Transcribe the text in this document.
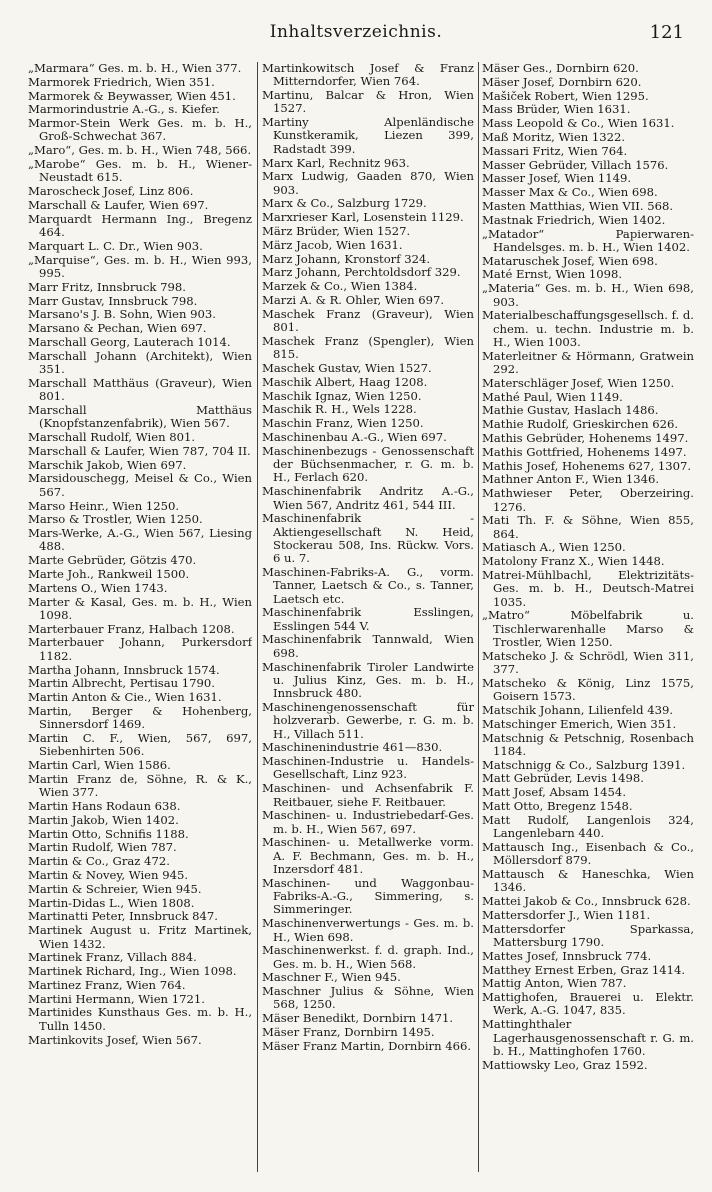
Inhaltsverzeichnis.	121
„Marmara“ Ges. m. b. H., Wien 377.
Marmorek Friedrich, Wien 351.
Marmorek & Beywasser, Wien 451.
Marmorindustrie A.-G., s. Kiefer.
Marmor-Stein Werk Ges. m. b. H., Groß-Schwechat 367.
„Maro“, Ges. m. b. H., Wien 748, 566.
„Marobe“ Ges. m. b. H., Wiener-Neustadt 615.
Maroscheck Josef, Linz 806.
Marschall & Laufer, Wien 697.
Marquardt Hermann Ing., Bregenz 464.
Marquart L. C. Dr., Wien 903.
„Marquise“, Ges. m. b. H., Wien 993, 995.
Marr Fritz, Innsbruck 798.
Marr Gustav, Innsbruck 798.
Marsano's J. B. Sohn, Wien 903.
Marsano & Pechan, Wien 697.
Marschall Georg, Lauterach 1014.
Marschall Johann (Architekt), Wien 351.
Marschall Matthäus (Graveur), Wien 801.
Marschall Matthäus (Knopfstanzenfabrik), Wien 567.
Marschall Rudolf, Wien 801.
Marschall & Laufer, Wien 787, 704 II.
Marschik Jakob, Wien 697.
Marsidouschegg, Meisel & Co., Wien 567.
Marso Heinr., Wien 1250.
Marso & Trostler, Wien 1250.
Mars-Werke, A.-G., Wien 567, Liesing 488.
Marte Gebrüder, Götzis 470.
Marte Joh., Rankweil 1500.
Martens O., Wien 1743.
Marter & Kasal, Ges. m. b. H., Wien 1098.
Marterbauer Franz, Halbach 1208.
Marterbauer Johann, Purkersdorf 1182.
Martha Johann, Innsbruck 1574.
Martin Albrecht, Pertisau 1790.
Martin Anton & Cie., Wien 1631.
Martin, Berger & Hohenberg, Sinnersdorf 1469.
Martin C. F., Wien, 567, 697, Siebenhirten 506.
Martin Carl, Wien 1586.
Martin Franz de, Söhne, R. & K., Wien 377.
Martin Hans Rodaun 638.
Martin Jakob, Wien 1402.
Martin Otto, Schnifis 1188.
Martin Rudolf, Wien 787.
Martin & Co., Graz 472.
Martin & Novey, Wien 945.
Martin & Schreier, Wien 945.
Martin-Didas L., Wien 1808.
Martinatti Peter, Innsbruck 847.
Martinek August u. Fritz Martinek, Wien 1432.
Martinek Franz, Villach 884.
Martinek Richard, Ing., Wien 1098.
Martinez Franz, Wien 764.
Martini Hermann, Wien 1721.
Martinides Kunsthaus Ges. m. b. H., Tulln 1450.
Martinkovits Josef, Wien 567.
Martinkowitsch Josef & Franz Mitterndorfer, Wien 764.
Martinu, Balcar & Hron, Wien 1527.
Martiny Alpenländische Kunstkeramik, Liezen 399, Radstadt 399.
Marx Karl, Rechnitz 963.
Marx Ludwig, Gaaden 870, Wien 903.
Marx & Co., Salzburg 1729.
Marxrieser Karl, Losenstein 1129.
März Brüder, Wien 1527.
März Jacob, Wien 1631.
Marz Johann, Kronstorf 324.
Marz Johann, Perchtoldsdorf 329.
Marzek & Co., Wien 1384.
Marzi A. & R. Ohler, Wien 697.
Maschek Franz (Graveur), Wien 801.
Maschek Franz (Spengler), Wien 815.
Maschek Gustav, Wien 1527.
Maschik Albert, Haag 1208.
Maschik Ignaz, Wien 1250.
Maschik R. H., Wels 1228.
Maschin Franz, Wien 1250.
Maschinenbau A.-G., Wien 697.
Maschinenbezugs - Genossenschaft der Büchsenmacher, r. G. m. b. H., Ferlach 620.
Maschinenfabrik Andritz A.-G., Wien 567, Andritz 461, 544 III.
Maschinenfabrik - Aktiengesellschaft N. Heid, Stockerau 508, Ins. Rückw. Vors. 6 u. 7.
Maschinen-Fabriks-A. G., vorm. Tanner, Laetsch & Co., s. Tanner, Laetsch etc.
Maschinenfabrik Esslingen, Esslingen 544 V.
Maschinenfabrik Tannwald, Wien 698.
Maschinenfabrik Tiroler Landwirte u. Julius Kinz, Ges. m. b. H., Innsbruck 480.
Maschinengenossenschaft für holzverarb. Gewerbe, r. G. m. b. H., Villach 511.
Maschinenindustrie 461—830.
Maschinen-Industrie u. Handels-Gesellschaft, Linz 923.
Maschinen- und Achsenfabrik F. Reitbauer, siehe F. Reitbauer.
Maschinen- u. Industriebedarf-Ges. m. b. H., Wien 567, 697.
Maschinen- u. Metallwerke vorm. A. F. Bechmann, Ges. m. b. H., Inzersdorf 481.
Maschinen- und Waggonbau-Fabriks-A.-G., Simmering, s. Simmeringer.
Maschinenverwertungs - Ges. m. b. H., Wien 698.
Maschinenwerkst. f. d. graph. Ind., Ges. m. b. H., Wien 568.
Maschner F., Wien 945.
Maschner Julius & Söhne, Wien 568, 1250.
Mäser Benedikt, Dornbirn 1471.
Mäser Franz, Dornbirn 1495.
Mäser Franz Martin, Dornbirn 466.
Mäser Ges., Dornbirn 620.
Mäser Josef, Dornbirn 620.
Mašiček Robert, Wien 1295.
Mass Brüder, Wien 1631.
Mass Leopold & Co., Wien 1631.
Maß Moritz, Wien 1322.
Massari Fritz, Wien 764.
Masser Gebrüder, Villach 1576.
Masser Josef, Wien 1149.
Masser Max & Co., Wien 698.
Masten Matthias, Wien VII. 568.
Mastnak Friedrich, Wien 1402.
„Matador“ Papierwaren-Handelsges. m. b. H., Wien 1402.
Mataruschek Josef, Wien 698.
Maté Ernst, Wien 1098.
„Materia“ Ges. m. b. H., Wien 698, 903.
Materialbeschaffungsgesellsch. f. d. chem. u. techn. Industrie m. b. H., Wien 1003.
Materleitner & Hörmann, Gratwein 292.
Materschläger Josef, Wien 1250.
Mathé Paul, Wien 1149.
Mathie Gustav, Haslach 1486.
Mathie Rudolf, Grieskirchen 626.
Mathis Gebrüder, Hohenems 1497.
Mathis Gottfried, Hohenems 1497.
Mathis Josef, Hohenems 627, 1307.
Mathner Anton F., Wien 1346.
Mathwieser Peter, Oberzeiring. 1276.
Mati Th. F. & Söhne, Wien 855, 864.
Matiasch A., Wien 1250.
Matolony Franz X., Wien 1448.
Matrei-Mühlbachl, Elektrizitäts-Ges. m. b. H., Deutsch-Matrei 1035.
„Matro“ Möbelfabrik u. Tischlerwarenhalle Marso & Trostler, Wien 1250.
Matscheko J. & Schrödl, Wien 311, 377.
Matscheko & König, Linz 1575, Goisern 1573.
Matschik Johann, Lilienfeld 439.
Matschinger Emerich, Wien 351.
Matschnig & Petschnig, Rosenbach 1184.
Matschnigg & Co., Salzburg 1391.
Matt Gebrüder, Levis 1498.
Matt Josef, Absam 1454.
Matt Otto, Bregenz 1548.
Matt Rudolf, Langenlois 324, Langenlebarn 440.
Mattausch Ing., Eisenbach & Co., Möllersdorf 879.
Mattausch & Haneschka, Wien 1346.
Mattei Jakob & Co., Innsbruck 628.
Mattersdorfer J., Wien 1181.
Mattersdorfer Sparkassa, Mattersburg 1790.
Mattes Josef, Innsbruck 774.
Matthey Ernest Erben, Graz 1414.
Mattig Anton, Wien 787.
Mattighofen, Brauerei u. Elektr. Werk, A.-G. 1047, 835.
Mattinghthaler Lagerhausgenossenschaft r. G. m. b. H., Mattinghofen 1760.
Mattiowsky Leo, Graz 1592.
